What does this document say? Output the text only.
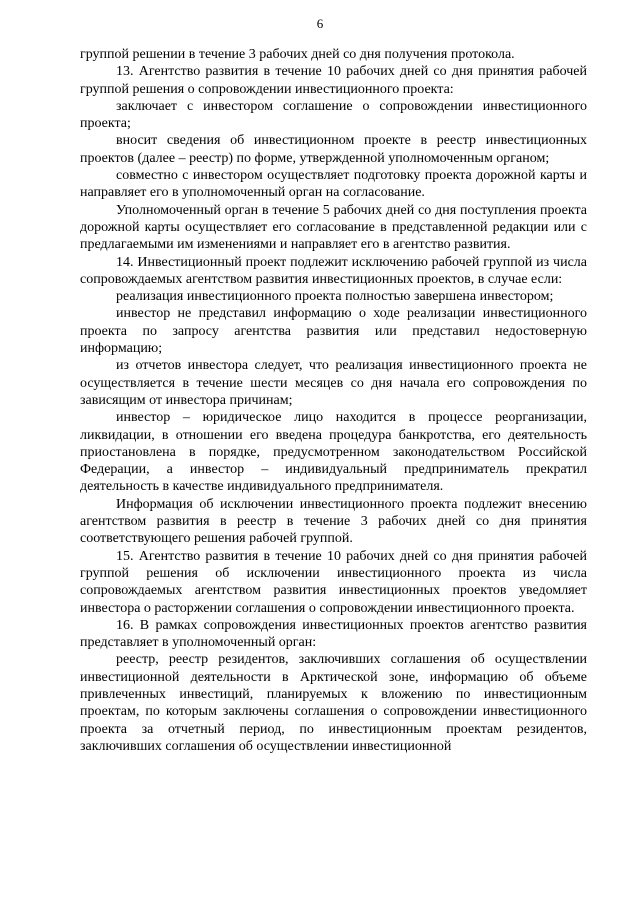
6

группой решении в течение 3 рабочих дней со дня получения протокола.

13. Агентство развития в течение 10 рабочих дней со дня принятия рабочей группой решения о сопровождении инвестиционного проекта:

заключает с инвестором соглашение о сопровождении инвестиционного проекта;

вносит сведения об инвестиционном проекте в реестр инвестиционных проектов (далее – реестр) по форме, утвержденной уполномоченным органом;

совместно с инвестором осуществляет подготовку проекта дорожной карты и направляет его в уполномоченный орган на согласование.

Уполномоченный орган в течение 5 рабочих дней со дня поступления проекта дорожной карты осуществляет его согласование в представленной редакции или с предлагаемыми им изменениями и направляет его в агентство развития.

14. Инвестиционный проект подлежит исключению рабочей группой из числа сопровождаемых агентством развития инвестиционных проектов, в случае если:

реализация инвестиционного проекта полностью завершена инвестором;

инвестор не представил информацию о ходе реализации инвестиционного проекта по запросу агентства развития или представил недостоверную информацию;

из отчетов инвестора следует, что реализация инвестиционного проекта не осуществляется в течение шести месяцев со дня начала его сопровождения по зависящим от инвестора причинам;

инвестор – юридическое лицо находится в процессе реорганизации, ликвидации, в отношении его введена процедура банкротства, его деятельность приостановлена в порядке, предусмотренном законодательством Российской Федерации, а инвестор – индивидуальный предприниматель прекратил деятельность в качестве индивидуального предпринимателя.

Информация об исключении инвестиционного проекта подлежит внесению агентством развития в реестр в течение 3 рабочих дней со дня принятия соответствующего решения рабочей группой.

15. Агентство развития в течение 10 рабочих дней со дня принятия рабочей группой решения об исключении инвестиционного проекта из числа сопровождаемых агентством развития инвестиционных проектов уведомляет инвестора о расторжении соглашения о сопровождении инвестиционного проекта.

16. В рамках сопровождения инвестиционных проектов агентство развития представляет в уполномоченный орган:

реестр, реестр резидентов, заключивших соглашения об осуществлении инвестиционной деятельности в Арктической зоне, информацию об объеме привлеченных инвестиций, планируемых к вложению по инвестиционным проектам, по которым заключены соглашения о сопровождении инвестиционного проекта за отчетный период, по инвестиционным проектам резидентов, заключивших соглашения об осуществлении инвестиционной
